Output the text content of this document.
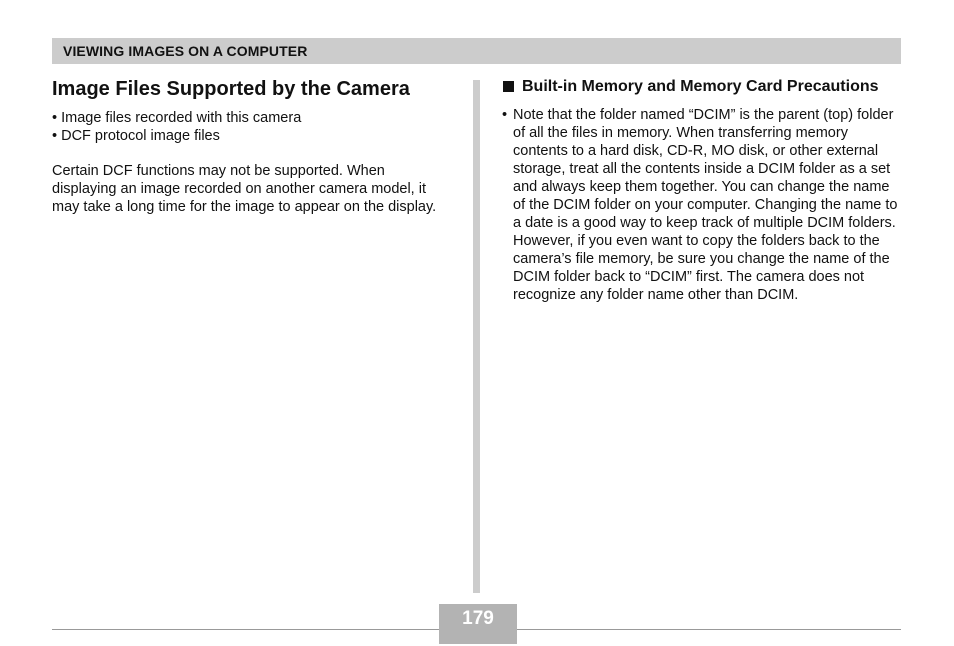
VIEWING IMAGES ON A COMPUTER
Image Files Supported by the Camera
• Image files recorded with this camera
• DCF protocol image files

Certain DCF functions may not be supported. When displaying an image recorded on another camera model, it may take a long time for the image to appear on the display.

Built-in Memory and Memory Card Precautions

• Note that the folder named “DCIM” is the parent (top) folder of all the files in memory. When transferring memory contents to a hard disk, CD-R, MO disk, or other external storage, treat all the contents inside a DCIM folder as a set and always keep them together. You can change the name of the DCIM folder on your computer. Changing the name to a date is a good way to keep track of multiple DCIM folders. However, if you even want to copy the folders back to the camera’s file memory, be sure you change the name of the DCIM folder back to “DCIM” first. The camera does not recognize any folder name other than DCIM.

179
